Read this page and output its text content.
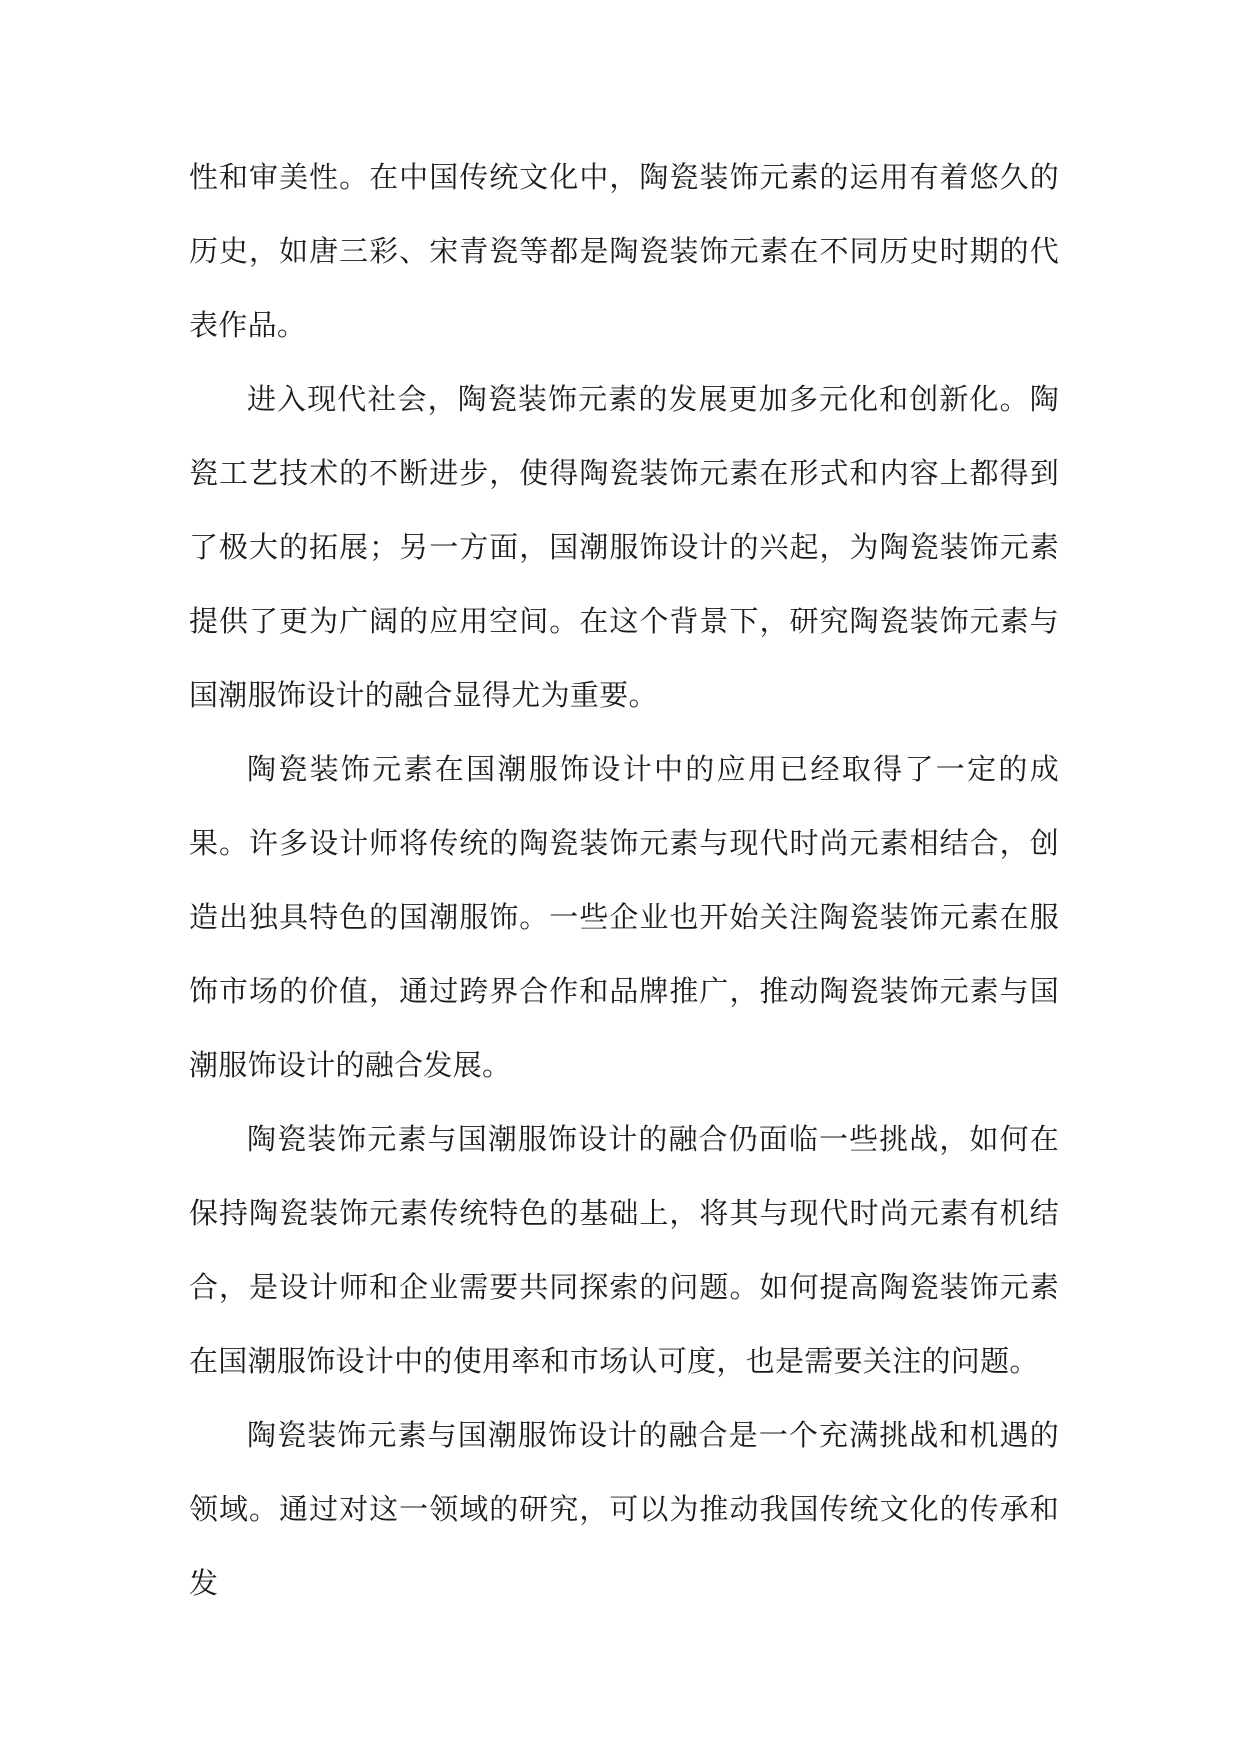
性和审美性。在中国传统文化中，陶瓷装饰元素的运用有着悠久的历史，如唐三彩、宋青瓷等都是陶瓷装饰元素在不同历史时期的代表作品。

进入现代社会，陶瓷装饰元素的发展更加多元化和创新化。陶瓷工艺技术的不断进步，使得陶瓷装饰元素在形式和内容上都得到了极大的拓展；另一方面，国潮服饰设计的兴起，为陶瓷装饰元素提供了更为广阔的应用空间。在这个背景下，研究陶瓷装饰元素与国潮服饰设计的融合显得尤为重要。

陶瓷装饰元素在国潮服饰设计中的应用已经取得了一定的成果。许多设计师将传统的陶瓷装饰元素与现代时尚元素相结合，创造出独具特色的国潮服饰。一些企业也开始关注陶瓷装饰元素在服饰市场的价值，通过跨界合作和品牌推广，推动陶瓷装饰元素与国潮服饰设计的融合发展。

陶瓷装饰元素与国潮服饰设计的融合仍面临一些挑战，如何在保持陶瓷装饰元素传统特色的基础上，将其与现代时尚元素有机结合，是设计师和企业需要共同探索的问题。如何提高陶瓷装饰元素在国潮服饰设计中的使用率和市场认可度，也是需要关注的问题。

陶瓷装饰元素与国潮服饰设计的融合是一个充满挑战和机遇的领域。通过对这一领域的研究，可以为推动我国传统文化的传承和发
